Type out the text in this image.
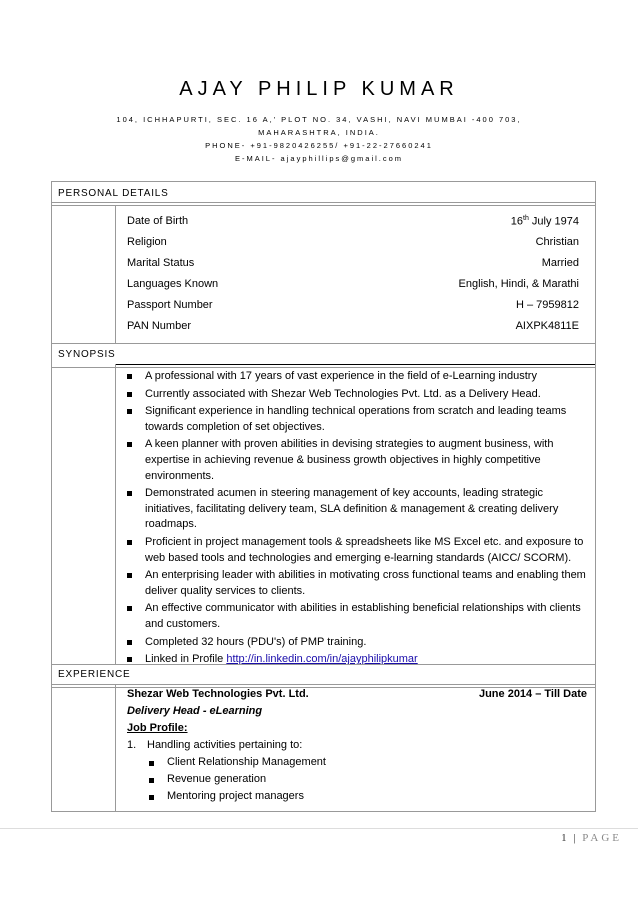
AJAY PHILIP KUMAR
104, ICHHAPURTI, SEC. 16 A,' PLOT NO. 34, VASHI, NAVI MUMBAI -400 703,
MAHARASHTRA, INDIA.
PHONE- +91-9820426255/ +91-22-27660241
E-MAIL- ajayphillips@gmail.com
PERSONAL DETAILS
Date of Birth	16th July 1974
Religion	Christian
Marital Status	Married
Languages Known	English, Hindi, & Marathi
Passport Number	H – 7959812
PAN Number	AIXPK4811E
SYNOPSIS
A professional with 17 years of vast experience in the field of e-Learning industry
Currently associated with Shezar Web Technologies Pvt. Ltd. as a Delivery Head.
Significant experience in handling technical operations from scratch and leading teams towards completion of set objectives.
A keen planner with proven abilities in devising strategies to augment business, with expertise in achieving revenue & business growth objectives in highly competitive environments.
Demonstrated acumen in steering management of key accounts, leading strategic initiatives, facilitating delivery team, SLA definition & management & creating delivery roadmaps.
Proficient in project management tools & spreadsheets like MS Excel etc. and exposure to web based tools and technologies and emerging e-learning standards (AICC/ SCORM).
An enterprising leader with abilities in motivating cross functional teams and enabling them deliver quality services to clients.
An effective communicator with abilities in establishing beneficial relationships with clients and customers.
Completed 32 hours (PDU's) of PMP training.
Linked in Profile http://in.linkedin.com/in/ajayphilipkumar
EXPERIENCE
Shezar Web Technologies Pvt. Ltd.	June 2014 – Till Date
Delivery Head - eLearning
Job Profile:
1. Handling activities pertaining to:
Client Relationship Management
Revenue generation
Mentoring project managers
1 | PAGE
